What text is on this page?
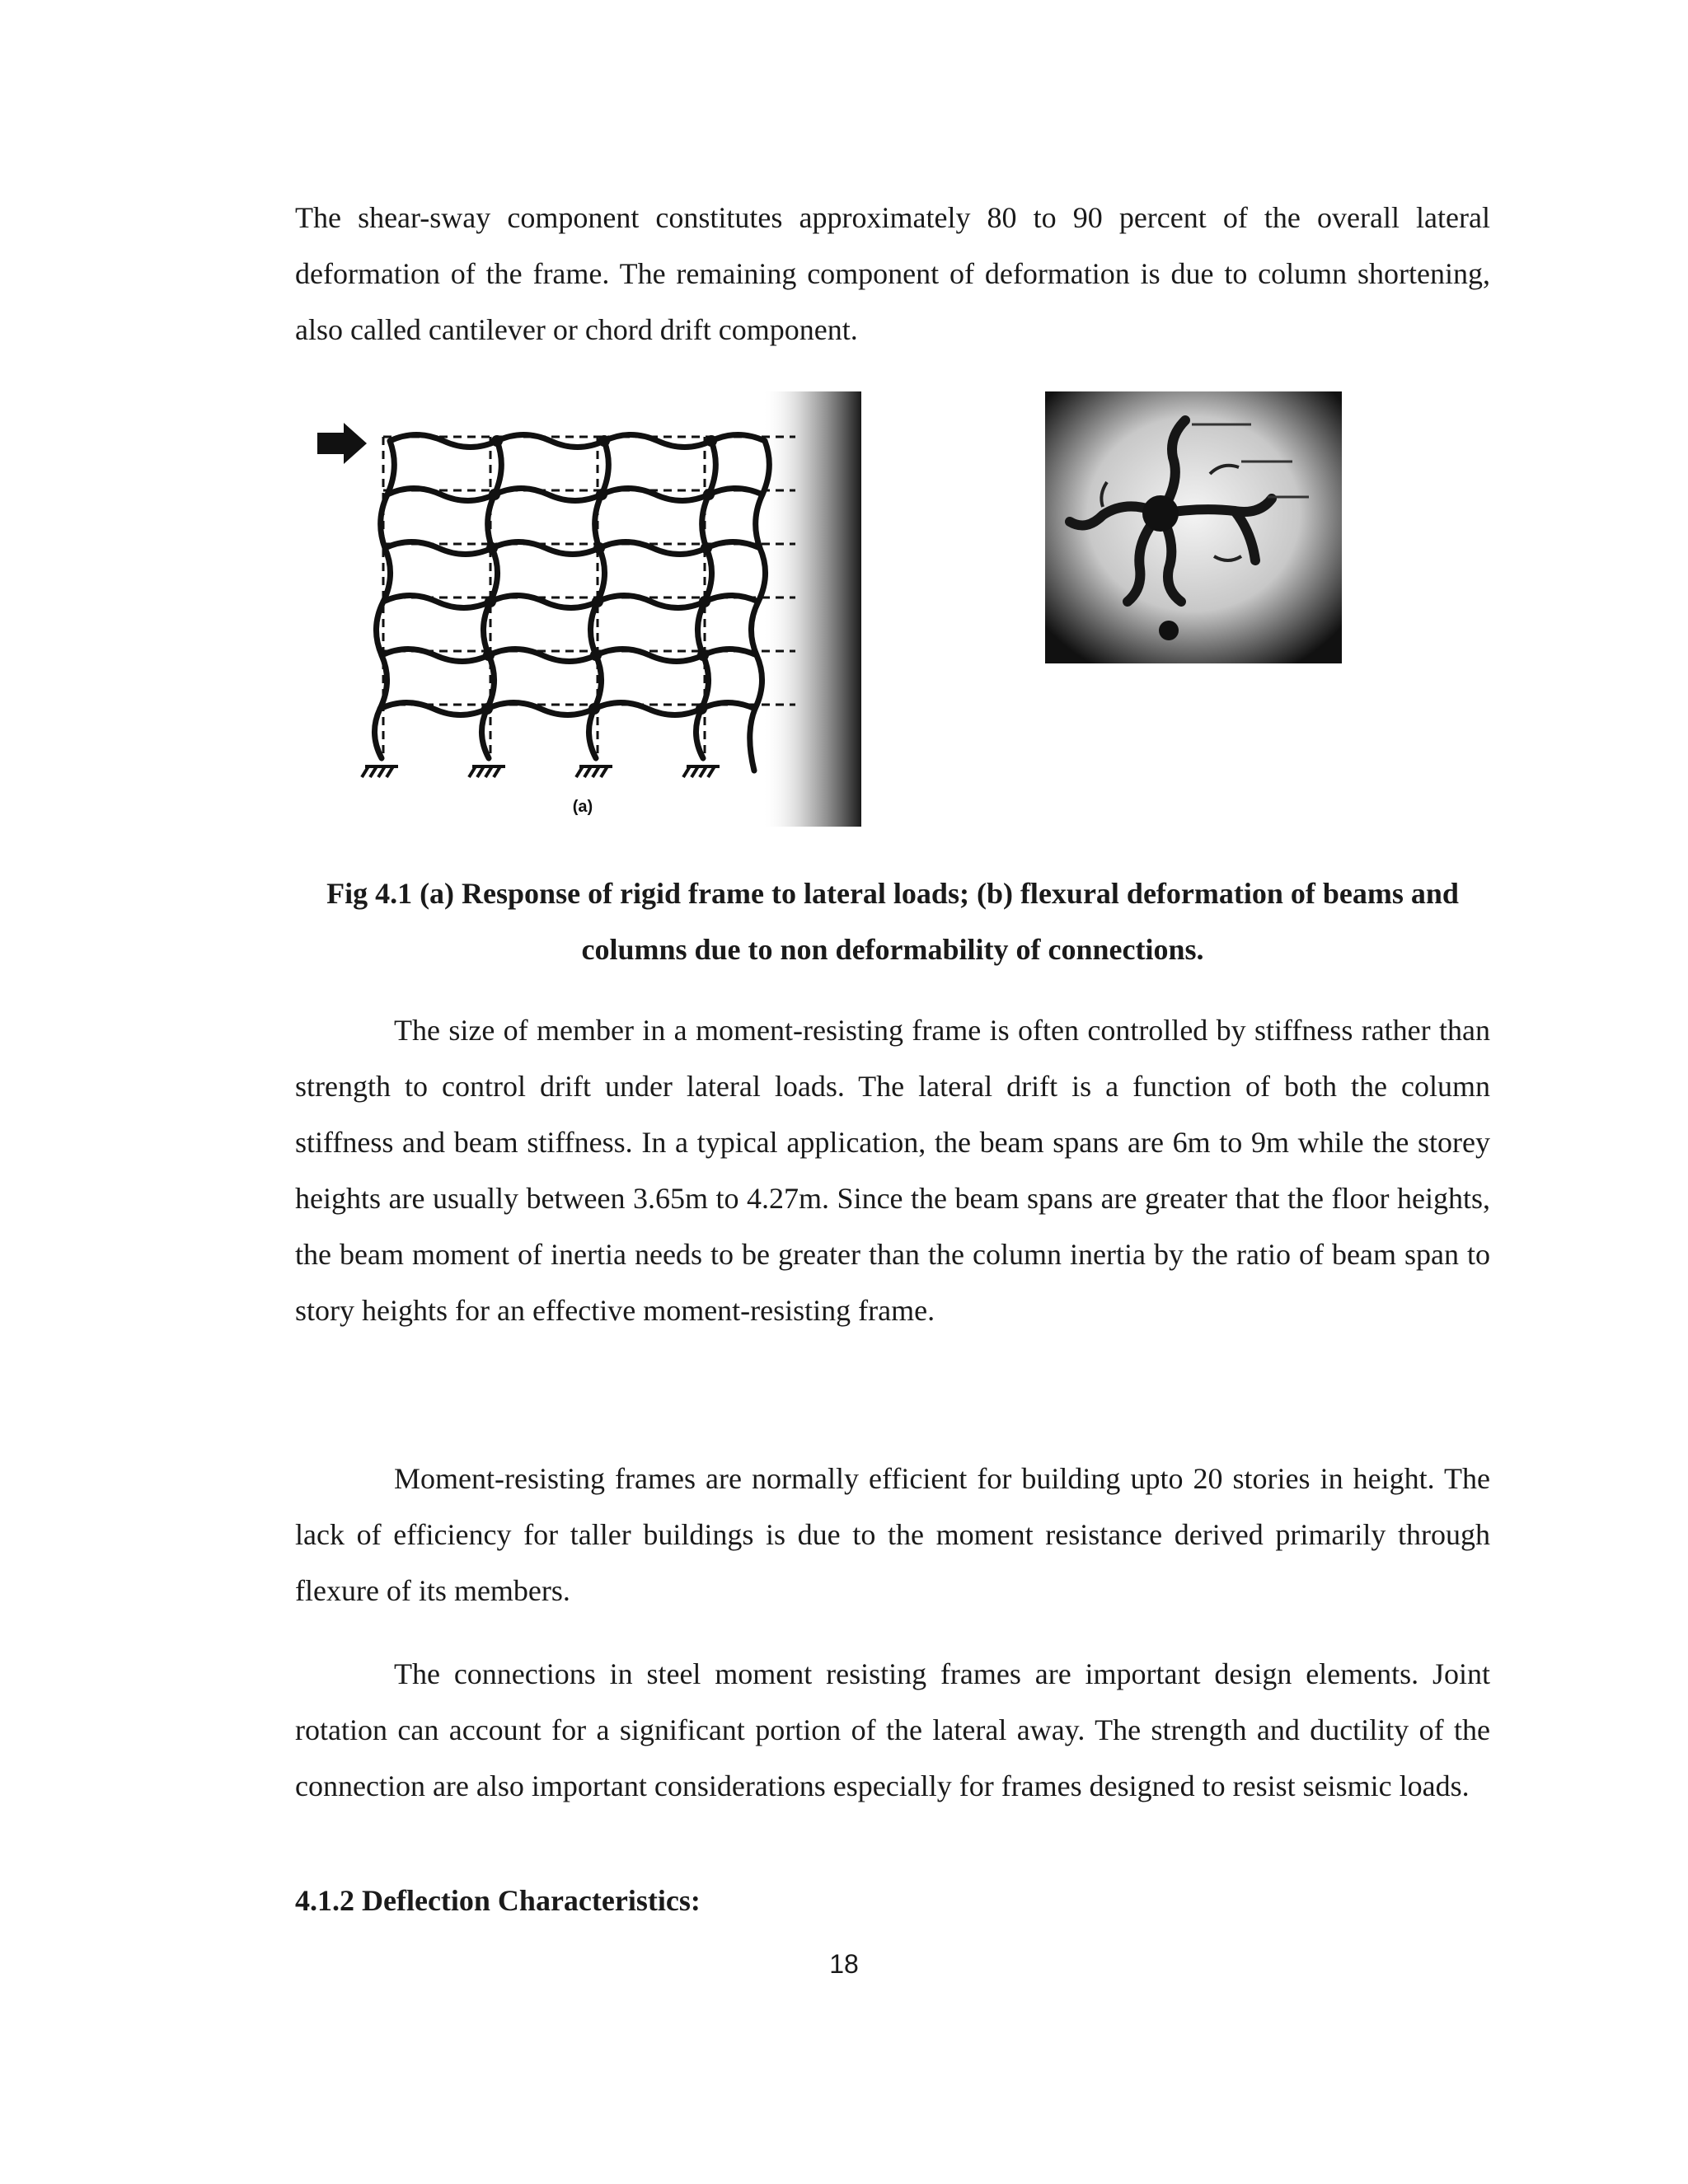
The shear-sway component constitutes approximately 80 to 90 percent of the overall lateral deformation of the frame. The remaining component of deformation is due to column shortening, also called cantilever or chord drift component.

(a)

Fig 4.1 (a) Response of rigid frame to lateral loads; (b) flexural deformation of beams and columns due to non deformability of connections.

The size of member in a moment-resisting frame is often controlled by stiffness rather than strength to control drift under lateral loads. The lateral drift is a function of both the column stiffness and beam stiffness. In a typical application, the beam spans are 6m to 9m while the storey heights are usually between 3.65m to 4.27m. Since the beam spans are greater that the floor heights, the beam moment of inertia needs to be greater than the column inertia by the ratio of beam span to story heights for an effective moment-resisting frame.

Moment-resisting frames are normally efficient for building upto 20 stories in height. The lack of efficiency for taller buildings is due to the moment resistance derived primarily through flexure of its members.

The connections in steel moment resisting frames are important design elements. Joint rotation can account for a significant portion of the lateral away. The strength and ductility of the connection are also important considerations especially for frames designed to resist seismic loads.

4.1.2 Deflection Characteristics:
18
